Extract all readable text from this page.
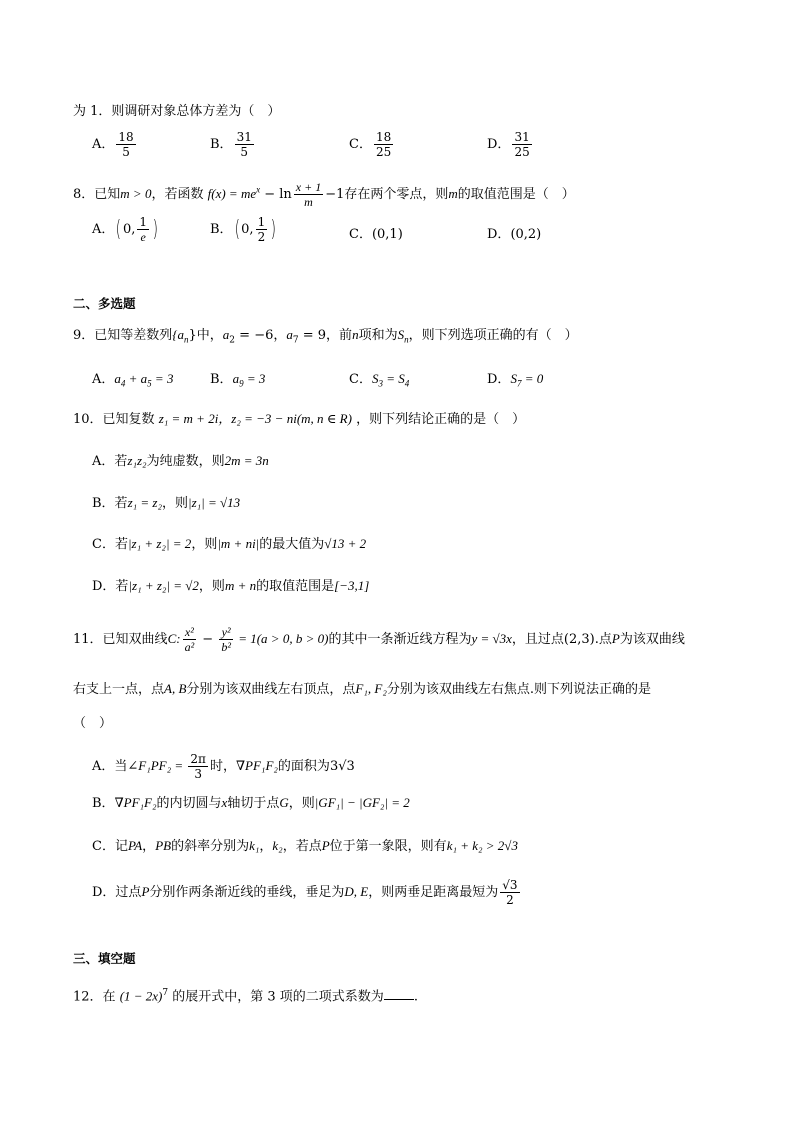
为 1．则调研对象总体方差为（　）
A． $\frac{18}{5}$	B． $\frac{31}{5}$	C． $\frac{18}{25}$	D． $\frac{31}{25}$
8．已知m > 0，若函数 $f(x) = me^x - \ln \frac{x + 1}{m} -1$存在两个零点，则m的取值范围是（　）
A．( 0, $\frac{1}{e}$ )	B．( 0, $\frac{1}{2}$ )	C．(0,1)	D．(0,2)
二、多选题
9．已知等差数列$\{a_n\}$中，$a_2 = -6$，$a_7 = 9$，前n项和为$S_n$，则下列选项正确的有（　）
A．$a_4 + a_5 = 3$	B．$a_9 = 3$	C．$S_3 = S_4$	D．$S_7 = 0$
10．已知复数 z₁ = m + 2i，z₂ = −3 − ni(m, n ∈ R) ，则下列结论正确的是（　）
A．若z₁z₂为纯虚数，则2m = 3n
B．若z₁ = z₂，则|z₁| = √13
C．若|z₁ + z₂| = 2，则|m + ni|的最大值为√13 + 2
D．若|z₁ + z₂| = √2，则m + n的取值范围是[−3,1]
11．已知双曲线C: $\frac{\text{x²}}{\text{a²}} - \frac{\text{y²}}{\text{b²}} = 1(a > 0$, b > 0)的其中一条渐近线方程为y = √3x，且过点(2,3).点P为该双曲线
右支上一点，点A, B分别为该双曲线左右顶点，点F₁, F₂分别为该双曲线左右焦点.则下列说法正确的是
（　）
A．当∠F₁PF₂ = $\frac{2\pi}{3}$ 时，∇PF₁F₂的面积为3√3
B．∇PF₁F₂的内切圆与x轴切于点G，则|GF₁| − |GF₂| = 2
C．记PA，PB的斜率分别为k₁，k₂，若点P位于第一象限，则有k₁ + k₂ > 2√3
D．过点P分别作两条渐近线的垂线，垂足为D, E，则两垂足距离最短为 $\frac{√3}{2}$
三、填空题
12．在 $(1 - 2x)^7$ 的展开式中，第 3 项的二项式系数为 .
